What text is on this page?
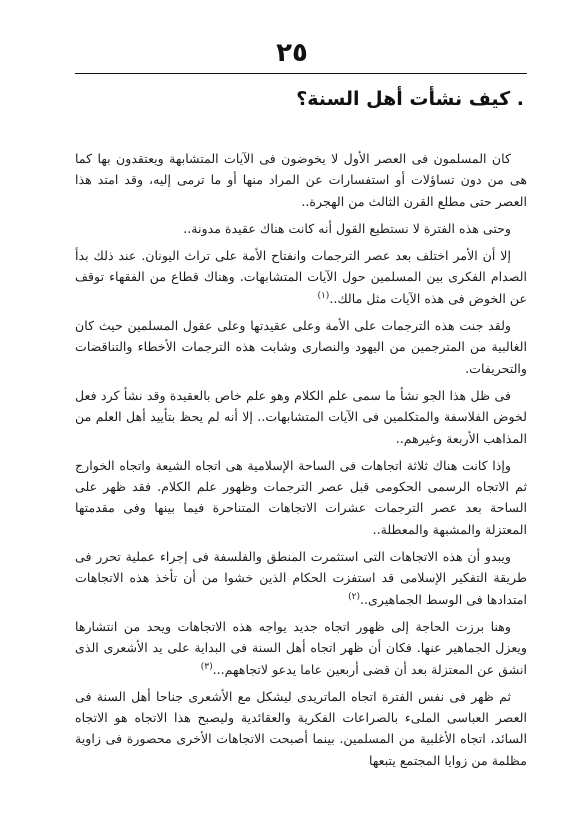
٢٥
. كيف نشأت أهل السنة؟

كان المسلمون فى العصر الأول لا يخوضون فى الآيات المتشابهة ويعتقدون بها كما هى من دون تساؤلات أو استفسارات عن المراد منها أو ما ترمى إليه، وقد امتد هذا العصر حتى مطلع القرن الثالث من الهجرة..

وحتى هذه الفترة لا نستطيع القول أنه كانت هناك عقيدة مدونة..

إلا أن الأمر اختلف بعد عصر الترجمات وانفتاح الأمة على تراث اليونان. عند ذلك بدأ الصدام الفكرى بين المسلمين حول الآيات المتشابهات. وهناك قطاع من الفقهاء توقف عن الخوض فى هذه الآيات مثل مالك..$^{(١)}$

ولقد جنت هذه الترجمات على الأمة وعلى عقيدتها وعلى عقول المسلمين حيث كان الغالبية من المترجمين من اليهود والنصارى وشابت هذه الترجمات الأخطاء والتناقضات والتحريفات.

فى ظل هذا الجو نشأ ما سمى علم الكلام وهو علم خاص بالعقيدة وقد نشأ كرد فعل لخوض الفلاسفة والمتكلمين فى الآيات المتشابهات.. إلا أنه لم يحظ بتأييد أهل العلم من المذاهب الأربعة وغيرهم..

وإذا كانت هناك ثلاثة اتجاهات فى الساحة الإسلامية هى اتجاه الشيعة واتجاه الخوارج ثم الاتجاه الرسمى الحكومى قبل عصر الترجمات وظهور علم الكلام. فقد ظهر على الساحة بعد عصر الترجمات عشرات الاتجاهات المتناحرة فيما بينها وفى مقدمتها المعتزلة والمشبهة والمعطلة..

ويبدو أن هذه الاتجاهات التى استثمرت المنطق والفلسفة فى إجراء عملية تحرر فى طريقة التفكير الإسلامى قد استفزت الحكام الذين خشوا من أن تأخذ هذه الاتجاهات امتدادها فى الوسط الجماهيرى..$^{(٢)}$

وهنا برزت الحاجة إلى ظهور اتجاه جديد يواجه هذه الاتجاهات ويحد من انتشارها ويعزل الجماهير عنها. فكان أن ظهر اتجاه أهل السنة فى البداية على يد الأشعرى الذى انشق عن المعتزلة بعد أن قضى أربعين عاما يدعو لاتجاههم...$^{(٣)}$

ثم ظهر فى نفس الفترة اتجاه الماتريدى ليشكل مع الأشعرى جناحا أهل السنة فى العصر العباسى الملىء بالصراعات الفكرية والعقائدية وليصبح هذا الاتجاه هو الاتجاه السائد، اتجاه الأغلبية من المسلمين. بينما أصبحت الاتجاهات الأخرى محصورة فى زاوية مظلمة من زوايا المجتمع يتبعها
